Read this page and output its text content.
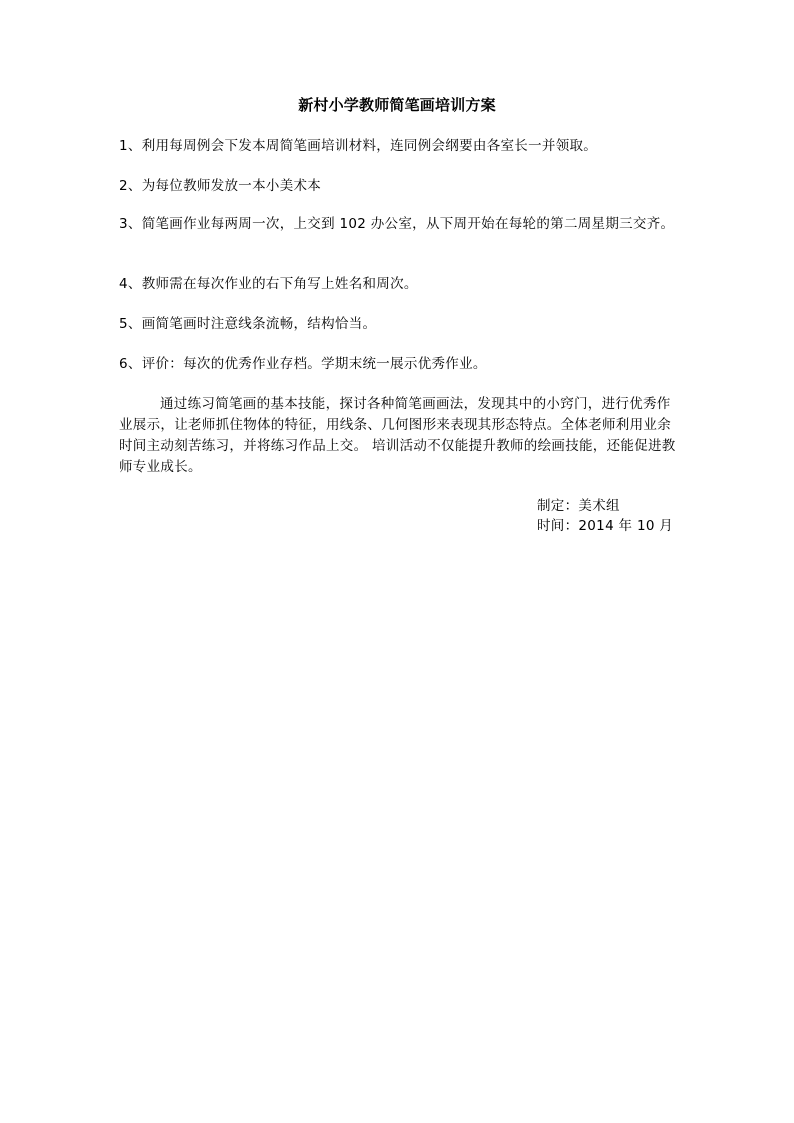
新村小学教师简笔画培训方案
1、利用每周例会下发本周简笔画培训材料，连同例会纲要由各室长一并领取。
2、为每位教师发放一本小美术本
3、简笔画作业每两周一次，上交到 102 办公室，从下周开始在每轮的第二周星期三交齐。
4、教师需在每次作业的右下角写上姓名和周次。
5、画简笔画时注意线条流畅，结构恰当。
6、评价：每次的优秀作业存档。学期末统一展示优秀作业。
通过练习简笔画的基本技能，探讨各种简笔画画法，发现其中的小窍门，进行优秀作业展示，让老师抓住物体的特征，用线条、几何图形来表现其形态特点。全体老师利用业余时间主动刻苦练习，并将练习作品上交。 培训活动不仅能提升教师的绘画技能，还能促进教师专业成长。
制定：美术组
时间：2014 年 10 月
